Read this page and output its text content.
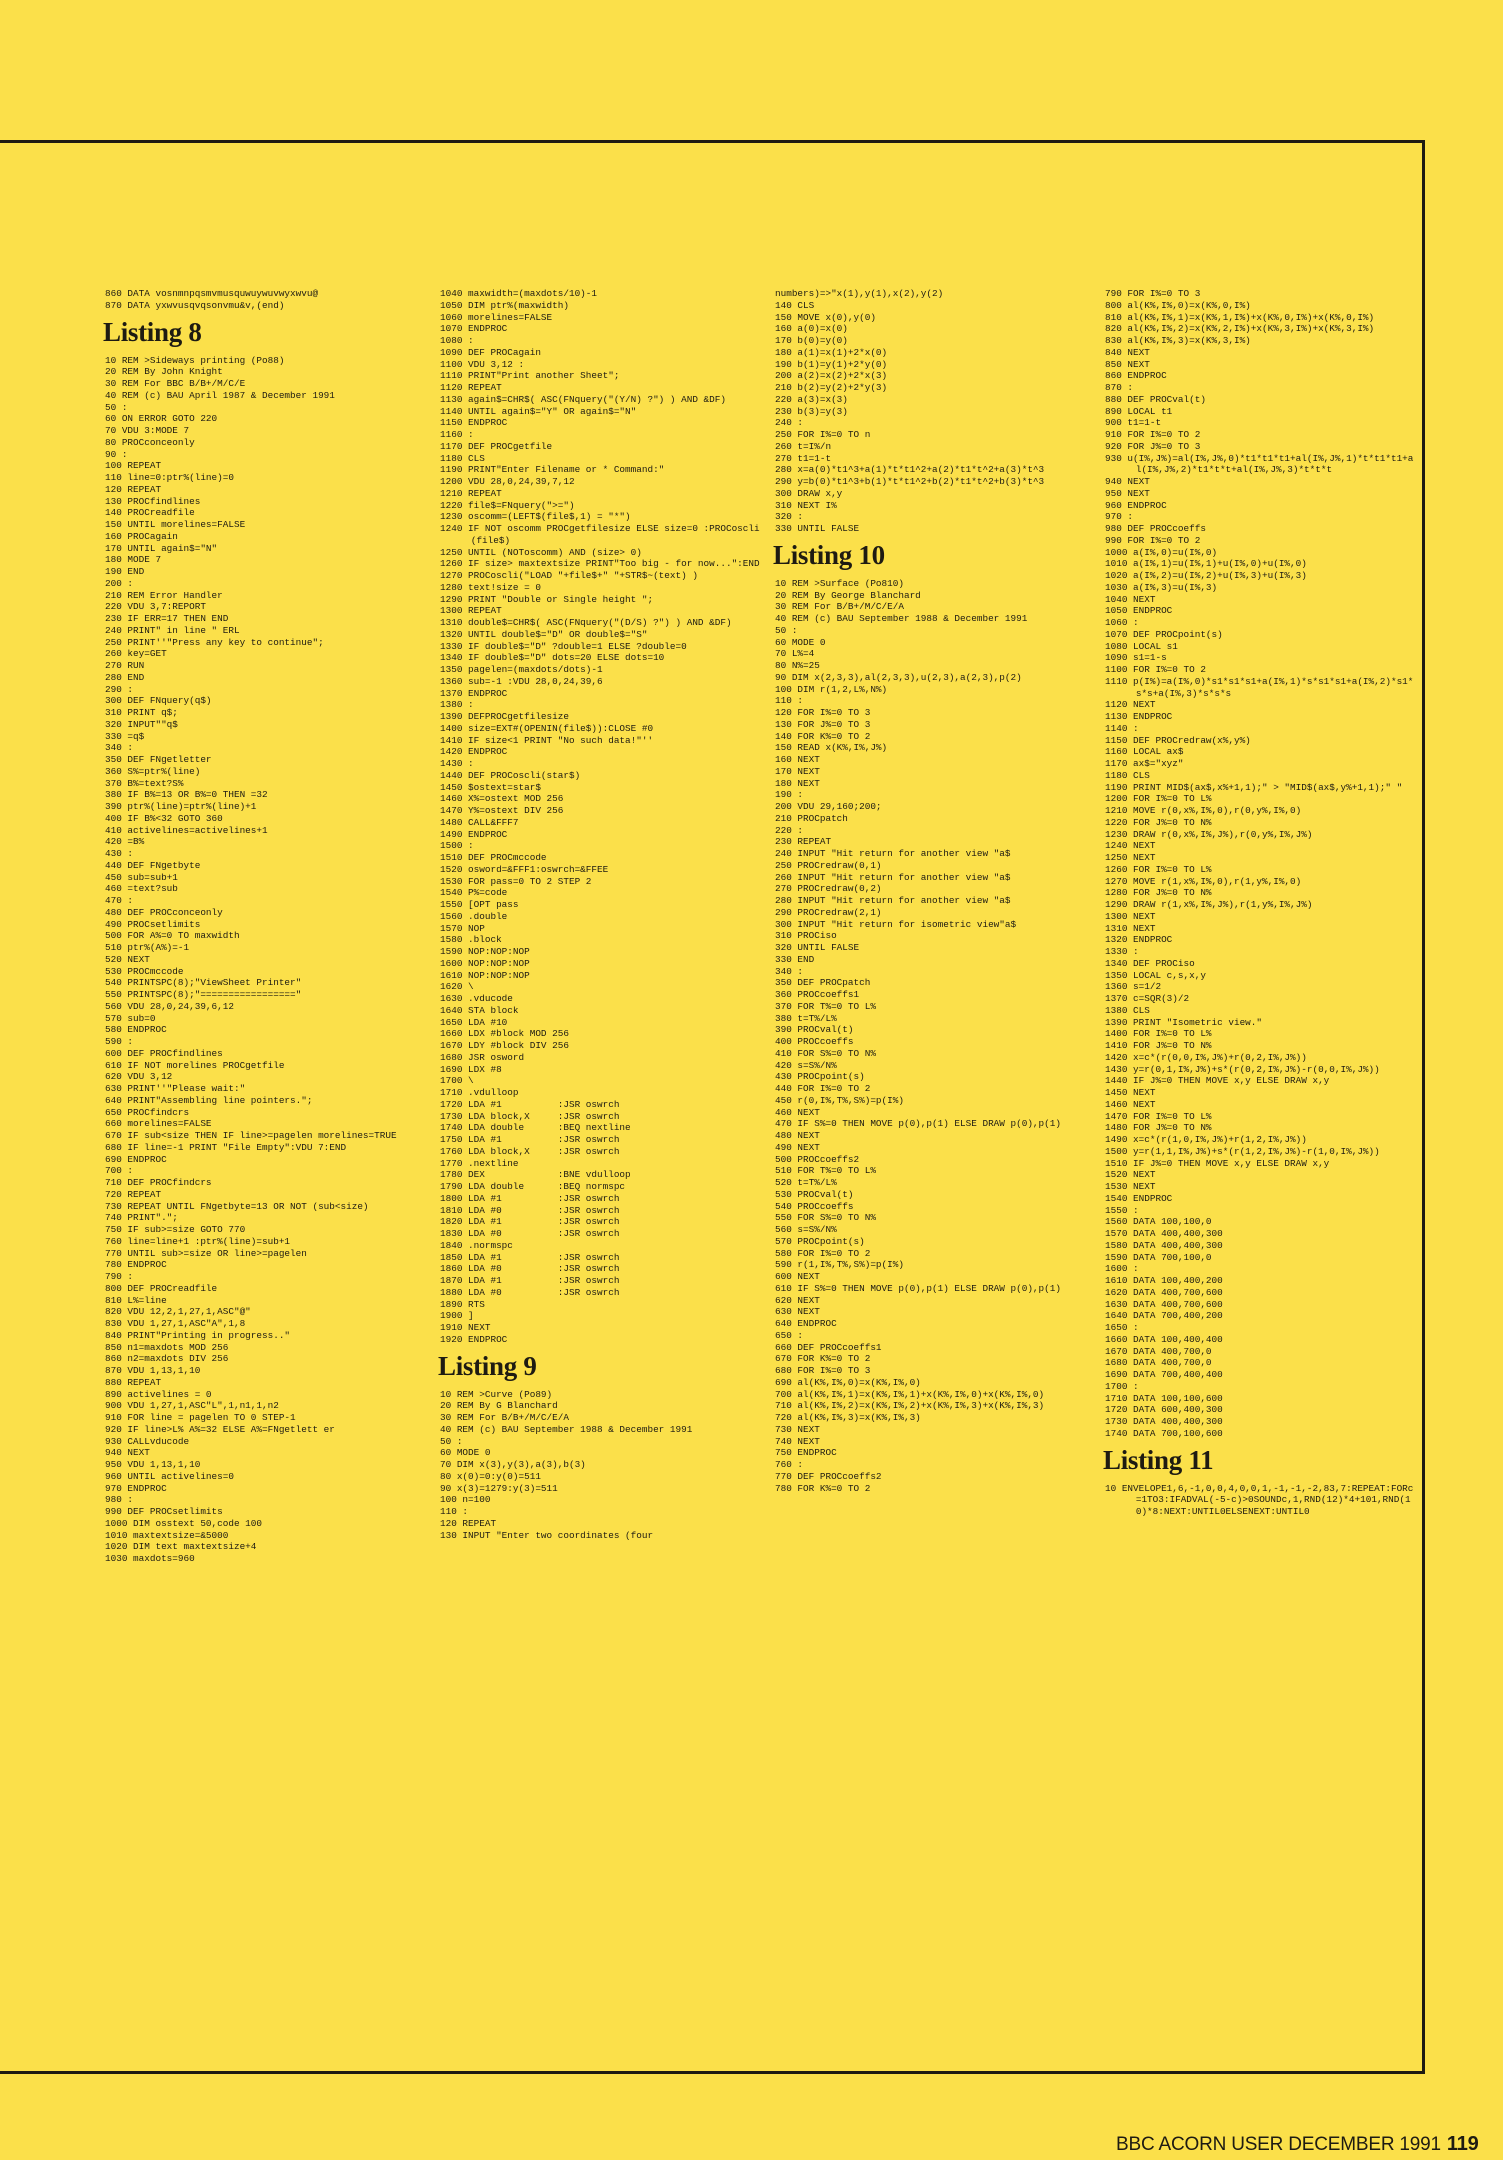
860 DATA vosnmnpqsmvmusquwuywuvwyxwvu@
870 DATA yxwvusqvqsonvmu&v,(end)
Listing 8
10 REM >Sideways printing (Po88)
20 REM By John Knight
30 REM For BBC B/B+/M/C/E
40 REM (c) BAU April 1987 & December 1991
50 :
60 ON ERROR GOTO 220
70 VDU 3:MODE 7
80 PROCconceonly
90 :
100 REPEAT
110 line=0:ptr%(line)=0
120 REPEAT
130 PROCfindlines
140 PROCreadfile
150 UNTIL morelines=FALSE
160 PROCagain
170 UNTIL again$="N"
180 MODE 7
190 END
200 :
210 REM Error Handler
220 VDU 3,7:REPORT
230 IF ERR=17 THEN END
240 PRINT" in line " ERL
250 PRINT''"Press any key to continue";
260 key=GET
270 RUN
280 END
290 :
300 DEF FNquery(q$)
310 PRINT q$;
320 INPUT""q$
330 =q$
340 :
350 DEF FNgetletter
360 S%=ptr%(line)
370 B%=text?S%
380 IF B%=13 OR B%=0 THEN =32
390 ptr%(line)=ptr%(line)+1
400 IF B%<32 GOTO 360
410 activelines=activelines+1
420 =B%
430 :
440 DEF FNgetbyte
450 sub=sub+1
460 =text?sub
470 :
480 DEF PROCconceonly
490 PROCsetlimits
500 FOR A%=0 TO maxwidth
510 ptr%(A%)=-1
520 NEXT
530 PROCmccode
540 PRINTSPC(8);"ViewSheet Printer"
550 PRINTSPC(8);"================="
560 VDU 28,0,24,39,6,12
570 sub=0
580 ENDPROC
590 :
600 DEF PROCfindlines
610 IF NOT morelines PROCgetfile
620 VDU 3,12
630 PRINT''"Please wait:"
640 PRINT"Assembling line pointers.";
650 PROCfindcrs
660 morelines=FALSE
670 IF sub<size THEN IF line>=pagelen morelines=TRUE
680 IF line=-1 PRINT "File Empty":VDU 7:END
690 ENDPROC
700 :
710 DEF PROCfindcrs
720 REPEAT
730 REPEAT UNTIL FNgetbyte=13 OR NOT (sub<size)
740 PRINT".";
750 IF sub>=size GOTO 770
760 line=line+1 :ptr%(line)=sub+1
770 UNTIL sub>=size OR line>=pagelen
780 ENDPROC
790 :
800 DEF PROCreadfile
810 L%=line
820 VDU 12,2,1,27,1,ASC"@"
830 VDU 1,27,1,ASC"A",1,8
840 PRINT"Printing in progress.."
850 n1=maxdots MOD 256
860 n2=maxdots DIV 256
870 VDU 1,13,1,10
880 REPEAT
890 activelines = 0
900 VDU 1,27,1,ASC"L",1,n1,1,n2
910 FOR line = pagelen TO 0 STEP-1
920 IF line>L% A%=32 ELSE A%=FNgetlett er
930 CALLvducode
940 NEXT
950 VDU 1,13,1,10
960 UNTIL activelines=0
970 ENDPROC
980 :
990 DEF PROCsetlimits
1000 DIM osstext 50,code 100
1010 maxtextsize=&5000
1020 DIM text maxtextsize+4
1030 maxdots=960
1040 maxwidth=(maxdots/10)-1
1050 DIM ptr%(maxwidth)
1060 morelines=FALSE
1070 ENDPROC
1080 :
1090 DEF PROCagain
1100 VDU 3,12 :
1110 PRINT"Print another Sheet";
1120 REPEAT
1130 again$=CHR$( ASC(FNquery("(Y/N) ?") ) AND &DF)
1140 UNTIL again$="Y" OR again$="N"
1150 ENDPROC
1160 :
1170 DEF PROCgetfile
1180 CLS
1190 PRINT"Enter Filename or * Command:"
1200 VDU 28,0,24,39,7,12
1210 REPEAT
1220 file$=FNquery(">=")
1230 oscomm=(LEFT$(file$,1) = "*")
1240 IF NOT oscomm PROCgetfilesize ELSE size=0 :PROCoscli(file$)
1250 UNTIL (NOToscomm) AND (size> 0)
1260 IF size> maxtextsize PRINT"Too big - for now...":END
1270 PROCoscli("LOAD "+file$+" "+STR$~(text) )
1280 text!size = 0
1290 PRINT "Double or Single height ";
1300 REPEAT
1310 double$=CHR$( ASC(FNquery("(D/S) ?") ) AND &DF)
1320 UNTIL double$="D" OR double$="S"
1330 IF double$="D" ?double=1 ELSE ?double=0
1340 IF double$="D" dots=20 ELSE dots=10
1350 pagelen=(maxdots/dots)-1
1360 sub=-1 :VDU 28,0,24,39,6
1370 ENDPROC
1380 :
1390 DEFPROCgetfilesize
1400 size=EXT#(OPENIN(file$)):CLOSE #0
1410 IF size<1 PRINT "No such data!"''
1420 ENDPROC
1430 :
1440 DEF PROCoscli(star$)
1450 $ostext=star$
1460 X%=ostext MOD 256
1470 Y%=ostext DIV 256
1480 CALL&FFF7
1490 ENDPROC
1500 :
1510 DEF PROCmccode
1520 osword=&FFF1:oswrch=&FFEE
1530 FOR pass=0 TO 2 STEP 2
1540 P%=code
1550 [OPT pass
1560 .double
1570 NOP
1580 .block
1590 NOP:NOP:NOP
1600 NOP:NOP:NOP
1610 NOP:NOP:NOP
1620 \
1630 .vducode
1640 STA block
1650 LDA #10
1660 LDX #block MOD 256
1670 LDY #block DIV 256
1680 JSR osword
1690 LDX #8
1700 \
1710 .vdulloop
1720 LDA #1          :JSR oswrch
1730 LDA block,X     :JSR oswrch
1740 LDA double      :BEQ nextline
1750 LDA #1          :JSR oswrch
1760 LDA block,X     :JSR oswrch
1770 .nextline
1780 DEX             :BNE vdulloop
1790 LDA double      :BEQ normspc
1800 LDA #1          :JSR oswrch
1810 LDA #0          :JSR oswrch
1820 LDA #1          :JSR oswrch
1830 LDA #0          :JSR oswrch
1840 .normspc
1850 LDA #1          :JSR oswrch
1860 LDA #0          :JSR oswrch
1870 LDA #1          :JSR oswrch
1880 LDA #0          :JSR oswrch
1890 RTS
1900 ]
1910 NEXT
1920 ENDPROC
Listing 9
10 REM >Curve (Po89)
20 REM By G Blanchard
30 REM For B/B+/M/C/E/A
40 REM (c) BAU September 1988 & December 1991
50 :
60 MODE 0
70 DIM x(3),y(3),a(3),b(3)
80 x(0)=0:y(0)=511
90 x(3)=1279:y(3)=511
100 n=100
110 :
120 REPEAT
130 INPUT "Enter two coordinates (four
numbers)=>"x(1),y(1),x(2),y(2)
140 CLS
150 MOVE x(0),y(0)
160 a(0)=x(0)
170 b(0)=y(0)
180 a(1)=x(1)+2*x(0)
190 b(1)=y(1)+2*y(0)
200 a(2)=x(2)+2*x(3)
210 b(2)=y(2)+2*y(3)
220 a(3)=x(3)
230 b(3)=y(3)
240 :
250 FOR I%=0 TO n
260 t=I%/n
270 t1=1-t
280 x=a(0)*t1^3+a(1)*t*t1^2+a(2)*t1*t^2+a(3)*t^3
290 y=b(0)*t1^3+b(1)*t*t1^2+b(2)*t1*t^2+b(3)*t^3
300 DRAW x,y
310 NEXT I%
320 :
330 UNTIL FALSE
Listing 10
10 REM >Surface (Po810)
20 REM By George Blanchard
30 REM For B/B+/M/C/E/A
40 REM (c) BAU September 1988 & December 1991
50 :
60 MODE 0
70 L%=4
80 N%=25
90 DIM x(2,3,3),al(2,3,3),u(2,3),a(2,3),p(2)
100 DIM r(1,2,L%,N%)
110 :
120 FOR I%=0 TO 3
130 FOR J%=0 TO 3
140 FOR K%=0 TO 2
150 READ x(K%,I%,J%)
160 NEXT
170 NEXT
180 NEXT
190 :
200 VDU 29,160;200;
210 PROCpatch
220 :
230 REPEAT
240 INPUT "Hit return for another view "a$
250 PROCredraw(0,1)
260 INPUT "Hit return for another view "a$
270 PROCredraw(0,2)
280 INPUT "Hit return for another view "a$
290 PROCredraw(2,1)
300 INPUT "Hit return for isometric view"a$
310 PROCiso
320 UNTIL FALSE
330 END
340 :
350 DEF PROCpatch
360 PROCcoeffs1
370 FOR T%=0 TO L%
380 t=T%/L%
390 PROCval(t)
400 PROCcoeffs
410 FOR S%=0 TO N%
420 s=S%/N%
430 PROCpoint(s)
440 FOR I%=0 TO 2
450 r(0,I%,T%,S%)=p(I%)
460 NEXT
470 IF S%=0 THEN MOVE p(0),p(1) ELSE DRAW p(0),p(1)
480 NEXT
490 NEXT
500 PROCcoeffs2
510 FOR T%=0 TO L%
520 t=T%/L%
530 PROCval(t)
540 PROCcoeffs
550 FOR S%=0 TO N%
560 s=S%/N%
570 PROCpoint(s)
580 FOR I%=0 TO 2
590 r(1,I%,T%,S%)=p(I%)
600 NEXT
610 IF S%=0 THEN MOVE p(0),p(1) ELSE DRAW p(0),p(1)
620 NEXT
630 NEXT
640 ENDPROC
650 :
660 DEF PROCcoeffs1
670 FOR K%=0 TO 2
680 FOR I%=0 TO 3
690 al(K%,I%,0)=x(K%,I%,0)
700 al(K%,I%,1)=x(K%,I%,1)+x(K%,I%,0)+x(K%,I%,0)
710 al(K%,I%,2)=x(K%,I%,2)+x(K%,I%,3)+x(K%,I%,3)
720 al(K%,I%,3)=x(K%,I%,3)
730 NEXT
740 NEXT
750 ENDPROC
760 :
770 DEF PROCcoeffs2
780 FOR K%=0 TO 2
790 FOR I%=0 TO 3
800 al(K%,I%,0)=x(K%,0,I%)
810 al(K%,I%,1)=x(K%,1,I%)+x(K%,0,I%)+x(K%,0,I%)
820 al(K%,I%,2)=x(K%,2,I%)+x(K%,3,I%)+x(K%,3,I%)
830 al(K%,I%,3)=x(K%,3,I%)
840 NEXT
850 NEXT
860 ENDPROC
870 :
880 DEF PROCval(t)
890 LOCAL t1
900 t1=1-t
910 FOR I%=0 TO 2
920 FOR J%=0 TO 3
930 u(I%,J%)=al(I%,J%,0)*t1*t1*t1+al(I%,J%,1)*t*t1*t1+al(I%,J%,2)*t1*t*t+al(I%,J%,3)*t*t*t
940 NEXT
950 NEXT
960 ENDPROC
970 :
980 DEF PROCcoeffs
990 FOR I%=0 TO 2
1000 a(I%,0)=u(I%,0)
1010 a(I%,1)=u(I%,1)+u(I%,0)+u(I%,0)
1020 a(I%,2)=u(I%,2)+u(I%,3)+u(I%,3)
1030 a(I%,3)=u(I%,3)
1040 NEXT
1050 ENDPROC
1060 :
1070 DEF PROCpoint(s)
1080 LOCAL s1
1090 s1=1-s
1100 FOR I%=0 TO 2
1110 p(I%)=a(I%,0)*s1*s1*s1+a(I%,1)*s*s1*s1+a(I%,2)*s1*s*s+a(I%,3)*s*s*s
1120 NEXT
1130 ENDPROC
1140 :
1150 DEF PROCredraw(x%,y%)
1160 LOCAL ax$
1170 ax$="xyz"
1180 CLS
1190 PRINT MID$(ax$,x%+1,1);" > "MID$(ax$,y%+1,1);" "
1200 FOR I%=0 TO L%
1210 MOVE r(0,x%,I%,0),r(0,y%,I%,0)
1220 FOR J%=0 TO N%
1230 DRAW r(0,x%,I%,J%),r(0,y%,I%,J%)
1240 NEXT
1250 NEXT
1260 FOR I%=0 TO L%
1270 MOVE r(1,x%,I%,0),r(1,y%,I%,0)
1280 FOR J%=0 TO N%
1290 DRAW r(1,x%,I%,J%),r(1,y%,I%,J%)
1300 NEXT
1310 NEXT
1320 ENDPROC
1330 :
1340 DEF PROCiso
1350 LOCAL c,s,x,y
1360 s=1/2
1370 c=SQR(3)/2
1380 CLS
1390 PRINT "Isometric view."
1400 FOR I%=0 TO L%
1410 FOR J%=0 TO N%
1420 x=c*(r(0,0,I%,J%)+r(0,2,I%,J%))
1430 y=r(0,1,I%,J%)+s*(r(0,2,I%,J%)-r(0,0,I%,J%))
1440 IF J%=0 THEN MOVE x,y ELSE DRAW x,y
1450 NEXT
1460 NEXT
1470 FOR I%=0 TO L%
1480 FOR J%=0 TO N%
1490 x=c*(r(1,0,I%,J%)+r(1,2,I%,J%))
1500 y=r(1,1,I%,J%)+s*(r(1,2,I%,J%)-r(1,0,I%,J%))
1510 IF J%=0 THEN MOVE x,y ELSE DRAW x,y
1520 NEXT
1530 NEXT
1540 ENDPROC
1550 :
1560 DATA 100,100,0
1570 DATA 400,400,300
1580 DATA 400,400,300
1590 DATA 700,100,0
1600 :
1610 DATA 100,400,200
1620 DATA 400,700,600
1630 DATA 400,700,600
1640 DATA 700,400,200
1650 :
1660 DATA 100,400,400
1670 DATA 400,700,0
1680 DATA 400,700,0
1690 DATA 700,400,400
1700 :
1710 DATA 100,100,600
1720 DATA 600,400,300
1730 DATA 400,400,300
1740 DATA 700,100,600
Listing 11
10 ENVELOPE1,6,-1,0,0,4,0,0,1,-1,-1,-2,83,7:REPEAT:FORc=1TO3:IFADVAL(-5-c)>0SOUNDc,1,RND(12)*4+101,RND(10)*8:NEXT:UNTIL0ELSENEXT:UNTIL0
BBC ACORN USER DECEMBER 1991 119
